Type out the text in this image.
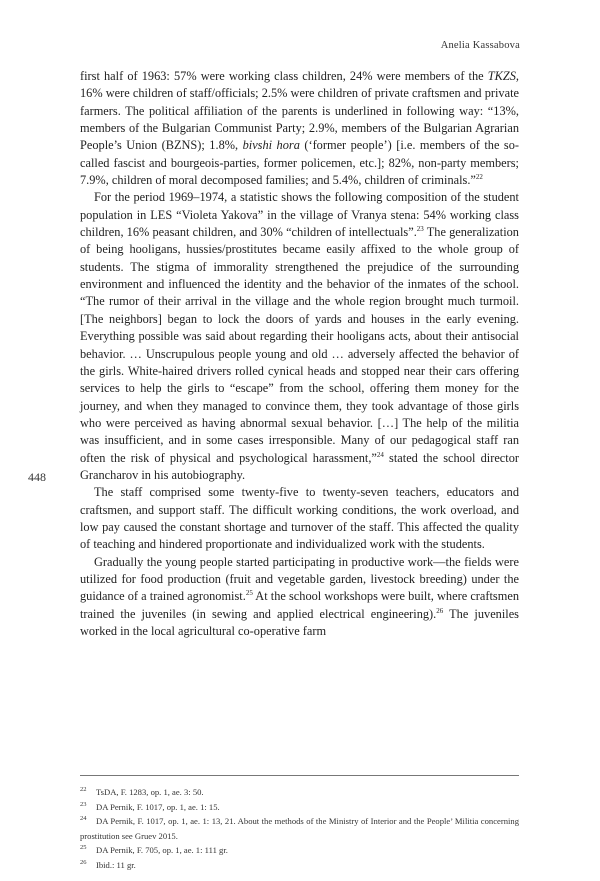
Anelia Kassabova
448

first half of 1963: 57% were working class children, 24% were members of the TKZS, 16% were children of staff/officials; 2.5% were children of private craftsmen and private farmers. The political affiliation of the parents is underlined in following way: “13%, members of the Bulgarian Communist Party; 2.9%, members of the Bulgarian Agrarian People’s Union (BZNS); 1.8%, bivshi hora (‘former people’) [i.e. members of the so-called fascist and bourgeois-parties, former policemen, etc.]; 82%, non-party members; 7.9%, children of moral decomposed families; and 5.4%, children of criminals.”$^{22}$

For the period 1969–1974, a statistic shows the following composition of the student population in LES “Violeta Yakova” in the village of Vranya stena: 54% working class children, 16% peasant children, and 30% “children of intellectuals”.$^{23}$ The generalization of being hooligans, hussies/prostitutes became easily affixed to the whole group of students. The stigma of immorality strengthened the prejudice of the surrounding environment and influenced the identity and the behavior of the inmates of the school. “The rumor of their arrival in the village and the whole region brought much turmoil. [The neighbors] began to lock the doors of yards and houses in the early evening. Everything possible was said about regarding their hooligans acts, about their antisocial behavior. … Unscrupulous people young and old … adversely affected the behavior of the girls. White-haired drivers rolled cynical heads and stopped near their cars offering services to help the girls to “escape” from the school, offering them money for the journey, and when they managed to convince them, they took advantage of those girls who were perceived as having abnormal sexual behavior. […] The help of the militia was insufficient, and in some cases irresponsible. Many of our pedagogical staff ran often the risk of physical and psychological harassment,”$^{24}$ stated the school director Grancharov in his autobiography.

The staff comprised some twenty-five to twenty-seven teachers, educators and craftsmen, and support staff. The difficult working conditions, the work overload, and low pay caused the constant shortage and turnover of the staff. This affected the quality of teaching and hindered proportionate and individualized work with the students.

Gradually the young people started participating in productive work—the fields were utilized for food production (fruit and vegetable garden, livestock breeding) under the guidance of a trained agronomist.$^{25}$ At the school workshops were built, where craftsmen trained the juveniles (in sewing and applied electrical engineering).$^{26}$ The juveniles worked in the local agricultural co-operative farm

$^{22}$ TsDA, F. 1283, op. 1, ae. 3: 50.
$^{23}$ DA Pernik, F. 1017, op. 1, ae. 1: 15.
$^{24}$ DA Pernik, F. 1017, op. 1, ae. 1: 13, 21. About the methods of the Ministry of Interior and the People’ Militia concerning prostitution see Gruev 2015.
$^{25}$ DA Pernik, F. 705, op. 1, ae. 1: 111 gr.
$^{26}$ Ibid.: 11 gr.
